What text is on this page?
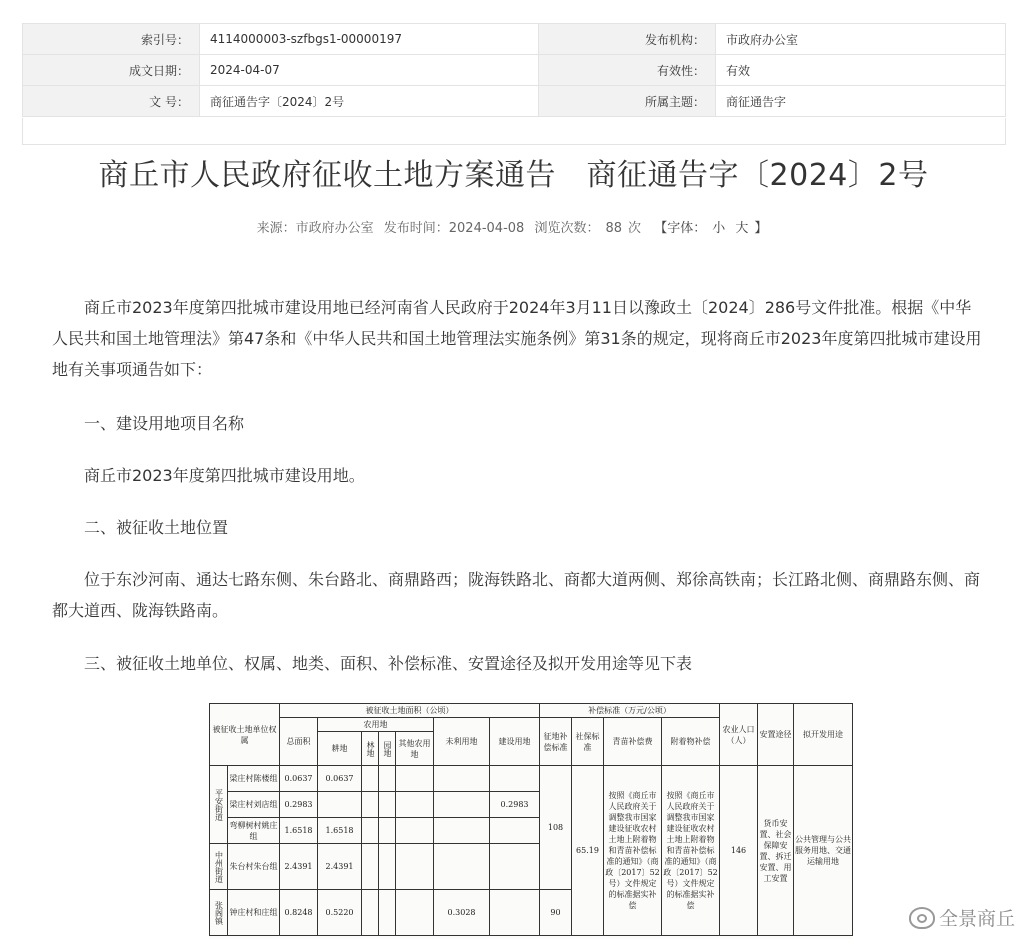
索引号：	4114000003-szfbgs1-00000197	发布机构：	市政府办公室
成文日期：	2024-04-07	有效性：	有效
文 号：	商征通告字〔2024〕2号	所属主题：	商征通告字
商丘市人民政府征收土地方案通告　商征通告字〔2024〕2号
来源：市政府办公室 发布时间：2024-04-08 浏览次数： 88 次 【字体： 小 大 】

商丘市2023年度第四批城市建设用地已经河南省人民政府于2024年3月11日以豫政土〔2024〕286号文件批准。根据《中华人民共和国土地管理法》第47条和《中华人民共和国土地管理法实施条例》第31条的规定，现将商丘市2023年度第四批城市建设用地有关事项通告如下：

一、建设用地项目名称

商丘市2023年度第四批城市建设用地。

二、被征收土地位置

位于东沙河南、通达七路东侧、朱台路北、商鼎路西；陇海铁路北、商都大道两侧、郑徐高铁南；长江路北侧、商鼎路东侧、商都大道西、陇海铁路南。

三、被征收土地单位、权属、地类、面积、补偿标准、安置途径及拟开发用途等见下表

被征收土地单位权属		被征收土地面积（公顷）							补偿标准（万元/公顷）				农业人口（人）	安置途径	拟开发用途
		总面积	农用地				未利用地	建设用地	征地补偿标准	社保标准	青苗补偿费	附着物补偿			
			耕地	林地	园地	其他农用地									
平安街道	梁庄村陈楼组	0.0637	0.0637						108	65.19	按照《商丘市人民政府关于调整我市国家建设征收农村土地上附着物和青苗补偿标准的通知》（商政〔2017〕52号）文件规定的标准据实补偿	按照《商丘市人民政府关于调整我市国家建设征收农村土地上附着物和青苗补偿标准的通知》（商政〔2017〕52号）文件规定的标准据实补偿	146	货币安置、社会保障安置、拆迁安置、用工安置	公共管理与公共服务用地、交通运输用地
	梁庄村刘店组	0.2983						0.2983							
	弯柳树村姚庄组	1.6518	1.6518												
中州街道	朱台村朱台组	2.4391	2.4391												
张阁镇	钟庄村和庄组	0.8248	0.5220				0.3028		90							全景商丘
